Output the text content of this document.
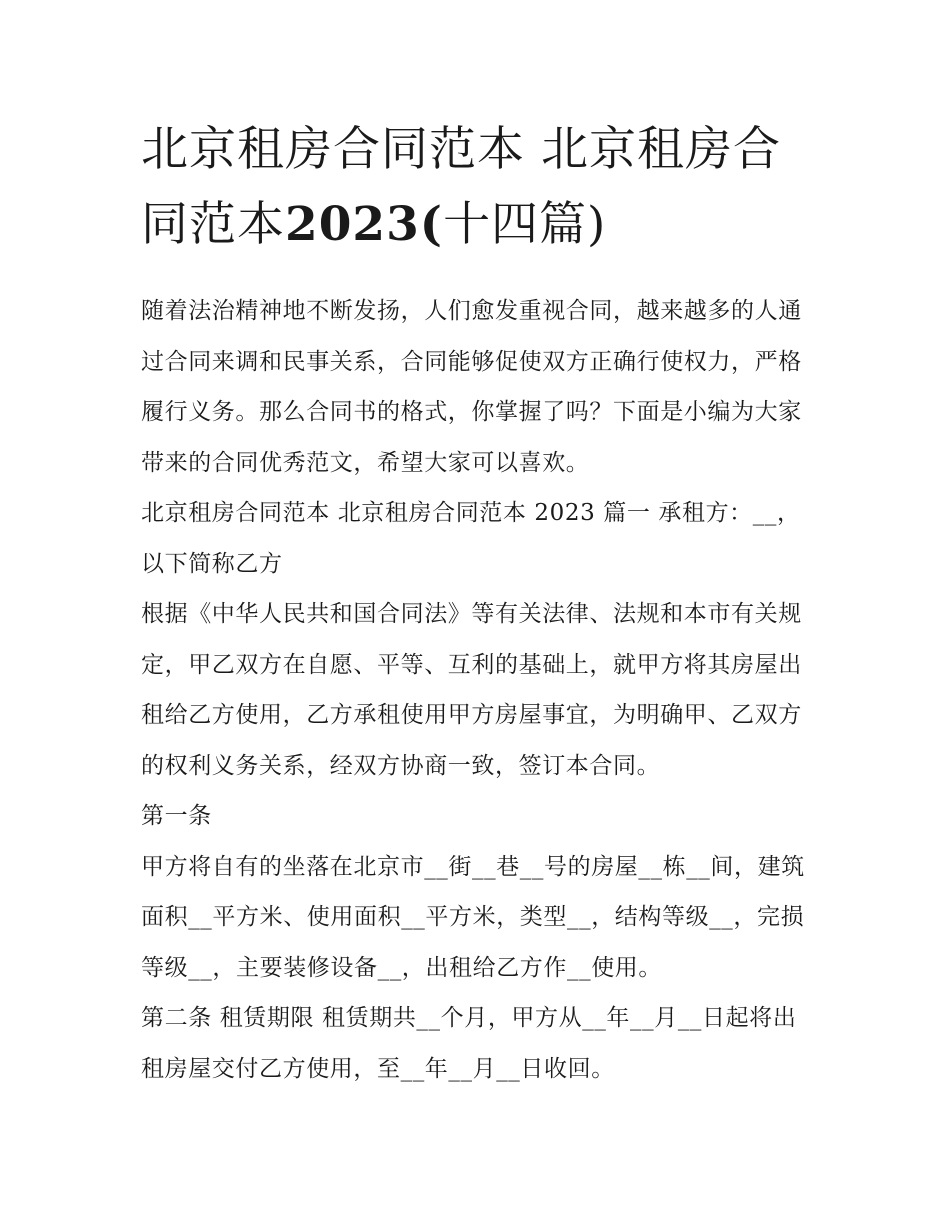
北京租房合同范本 北京租房合同范本2023(十四篇)

随着法治精神地不断发扬，人们愈发重视合同，越来越多的人通过合同来调和民事关系，合同能够促使双方正确行使权力，严格履行义务。那么合同书的格式，你掌握了吗？下面是小编为大家带来的合同优秀范文，希望大家可以喜欢。

北京租房合同范本 北京租房合同范本 2023 篇一 承租方：__，以下简称乙方

根据《中华人民共和国合同法》等有关法律、法规和本市有关规定，甲乙双方在自愿、平等、互利的基础上，就甲方将其房屋出租给乙方使用，乙方承租使用甲方房屋事宜，为明确甲、乙双方的权利义务关系，经双方协商一致，签订本合同。

第一条

甲方将自有的坐落在北京市__街__巷__号的房屋__栋__间，建筑面积__平方米、使用面积__平方米，类型__，结构等级__，完损等级__，主要装修设备__，出租给乙方作__使用。

第二条 租赁期限 租赁期共__个月，甲方从__年__月__日起将出租房屋交付乙方使用，至__年__月__日收回。
